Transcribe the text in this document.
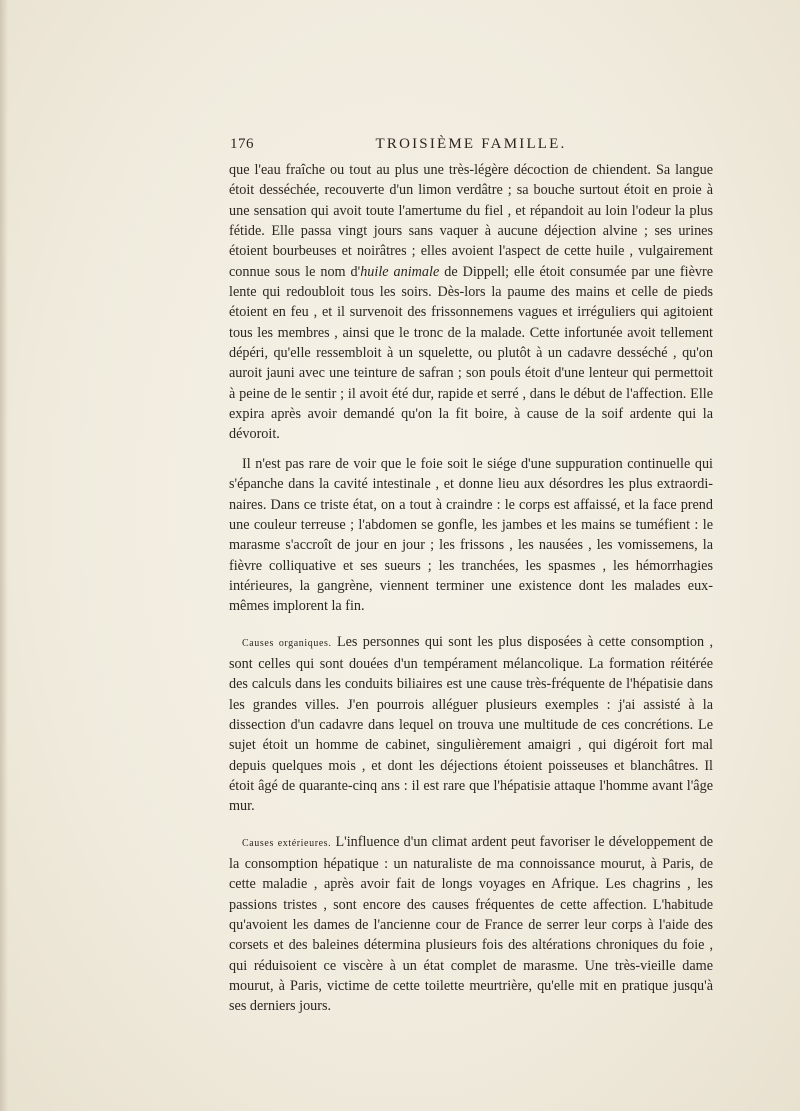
176	TROISIÈME FAMILLE.

que l'eau fraîche ou tout au plus une très-légère décoction de chiendent. Sa langue étoit desséchée, recouverte d'un limon verdâtre ; sa bouche surtout étoit en proie à une sensation qui avoit toute l'amertume du fiel , et répandoit au loin l'odeur la plus fétide. Elle passa vingt jours sans vaquer à aucune déjection alvine ; ses urines étoient bourbeuses et noirâtres ; elles avoient l'aspect de cette huile , vulgairement connue sous le nom d'huile animale de Dippell; elle étoit consumée par une fièvre lente qui redoubloit tous les soirs. Dès-lors la paume des mains et celle de pieds étoient en feu , et il survenoit des frissonnemens vagues et irréguliers qui agitoient tous les membres , ainsi que le tronc de la malade. Cette infortunée avoit tellement dépéri, qu'elle ressembloit à un squelette, ou plutôt à un cadavre desséché , qu'on auroit jauni avec une teinture de safran ; son pouls étoit d'une lenteur qui permettoit à peine de le sentir ; il avoit été dur, rapide et serré , dans le début de l'affection. Elle expira après avoir demandé qu'on la fit boire, à cause de la soif ardente qui la dévoroit.

Il n'est pas rare de voir que le foie soit le siége d'une suppuration continuelle qui s'épanche dans la cavité intestinale , et donne lieu aux désordres les plus extraordinaires. Dans ce triste état, on a tout à craindre : le corps est affaissé, et la face prend une couleur terreuse ; l'abdomen se gonfle, les jambes et les mains se tuméfient : le marasme s'accroît de jour en jour ; les frissons , les nausées , les vomissemens, la fièvre colliquative et ses sueurs ; les tranchées, les spasmes , les hémorrhagies intérieures, la gangrène, viennent terminer une existence dont les malades eux-mêmes implorent la fin.

Causes organiques. Les personnes qui sont les plus disposées à cette consomption , sont celles qui sont douées d'un tempérament mélancolique. La formation réitérée des calculs dans les conduits biliaires est une cause très-fréquente de l'hépatisie dans les grandes villes. J'en pourrois alléguer plusieurs exemples : j'ai assisté à la dissection d'un cadavre dans lequel on trouva une multitude de ces concrétions. Le sujet étoit un homme de cabinet, singulièrement amaigri , qui digéroit fort mal depuis quelques mois , et dont les déjections étoient poisseuses et blanchâtres. Il étoit âgé de quarante-cinq ans : il est rare que l'hépatisie attaque l'homme avant l'âge mur.

Causes extérieures. L'influence d'un climat ardent peut favoriser le développement de la consomption hépatique : un naturaliste de ma connoissance mourut, à Paris, de cette maladie , après avoir fait de longs voyages en Afrique. Les chagrins , les passions tristes , sont encore des causes fréquentes de cette affection. L'habitude qu'avoient les dames de l'ancienne cour de France de serrer leur corps à l'aide des corsets et des baleines détermina plusieurs fois des altérations chroniques du foie , qui réduisoient ce viscère à un état complet de marasme. Une très-vieille dame mourut, à Paris, victime de cette toilette meurtrière, qu'elle mit en pratique jusqu'à ses derniers jours.
